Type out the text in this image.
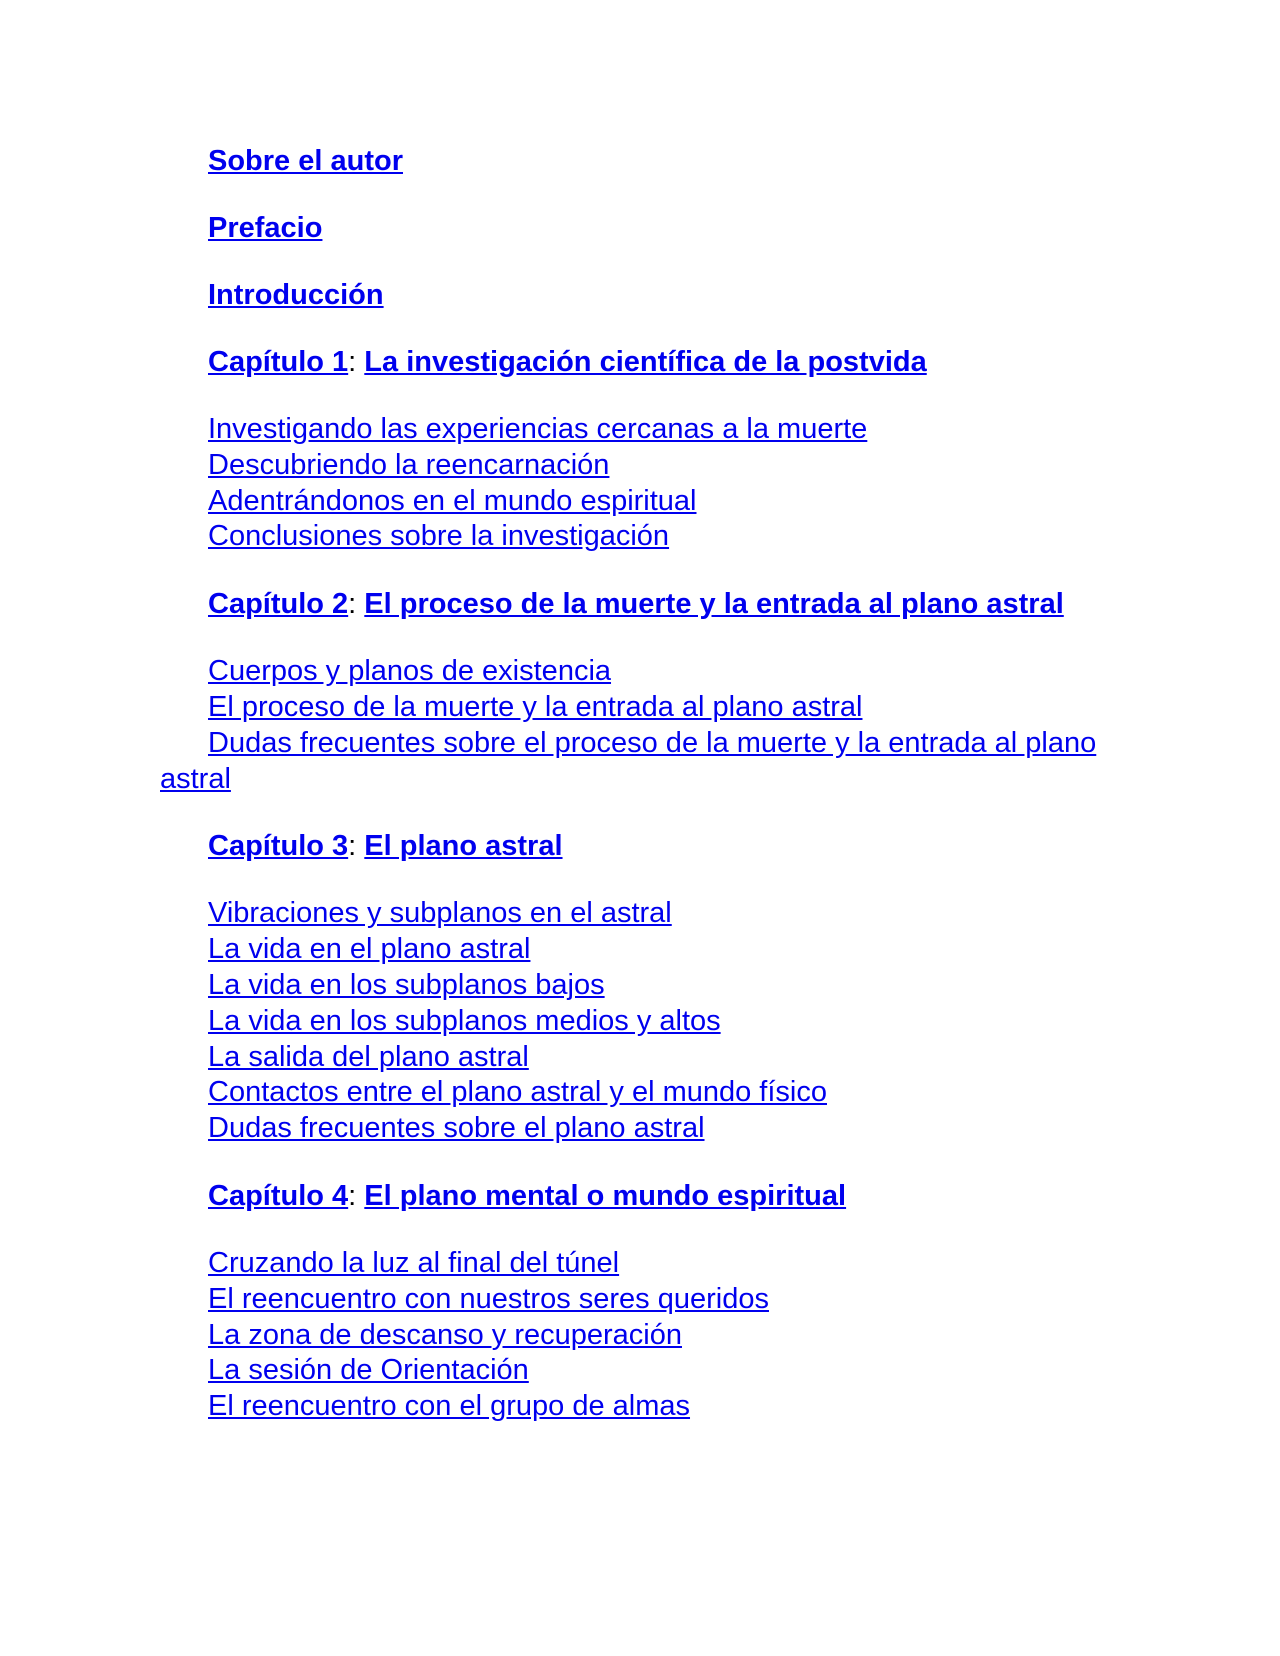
Sobre el autor

Prefacio

Introducción

Capítulo 1: La investigación científica de la postvida

Investigando las experiencias cercanas a la muerte

Descubriendo la reencarnación

Adentrándonos en el mundo espiritual

Conclusiones sobre la investigación

Capítulo 2: El proceso de la muerte y la entrada al plano astral

Cuerpos y planos de existencia

El proceso de la muerte y la entrada al plano astral

Dudas frecuentes sobre el proceso de la muerte y la entrada al plano astral

Capítulo 3: El plano astral

Vibraciones y subplanos en el astral

La vida en el plano astral

La vida en los subplanos bajos

La vida en los subplanos medios y altos

La salida del plano astral

Contactos entre el plano astral y el mundo físico

Dudas frecuentes sobre el plano astral

Capítulo 4: El plano mental o mundo espiritual

Cruzando la luz al final del túnel

El reencuentro con nuestros seres queridos

La zona de descanso y recuperación

La sesión de Orientación

El reencuentro con el grupo de almas
